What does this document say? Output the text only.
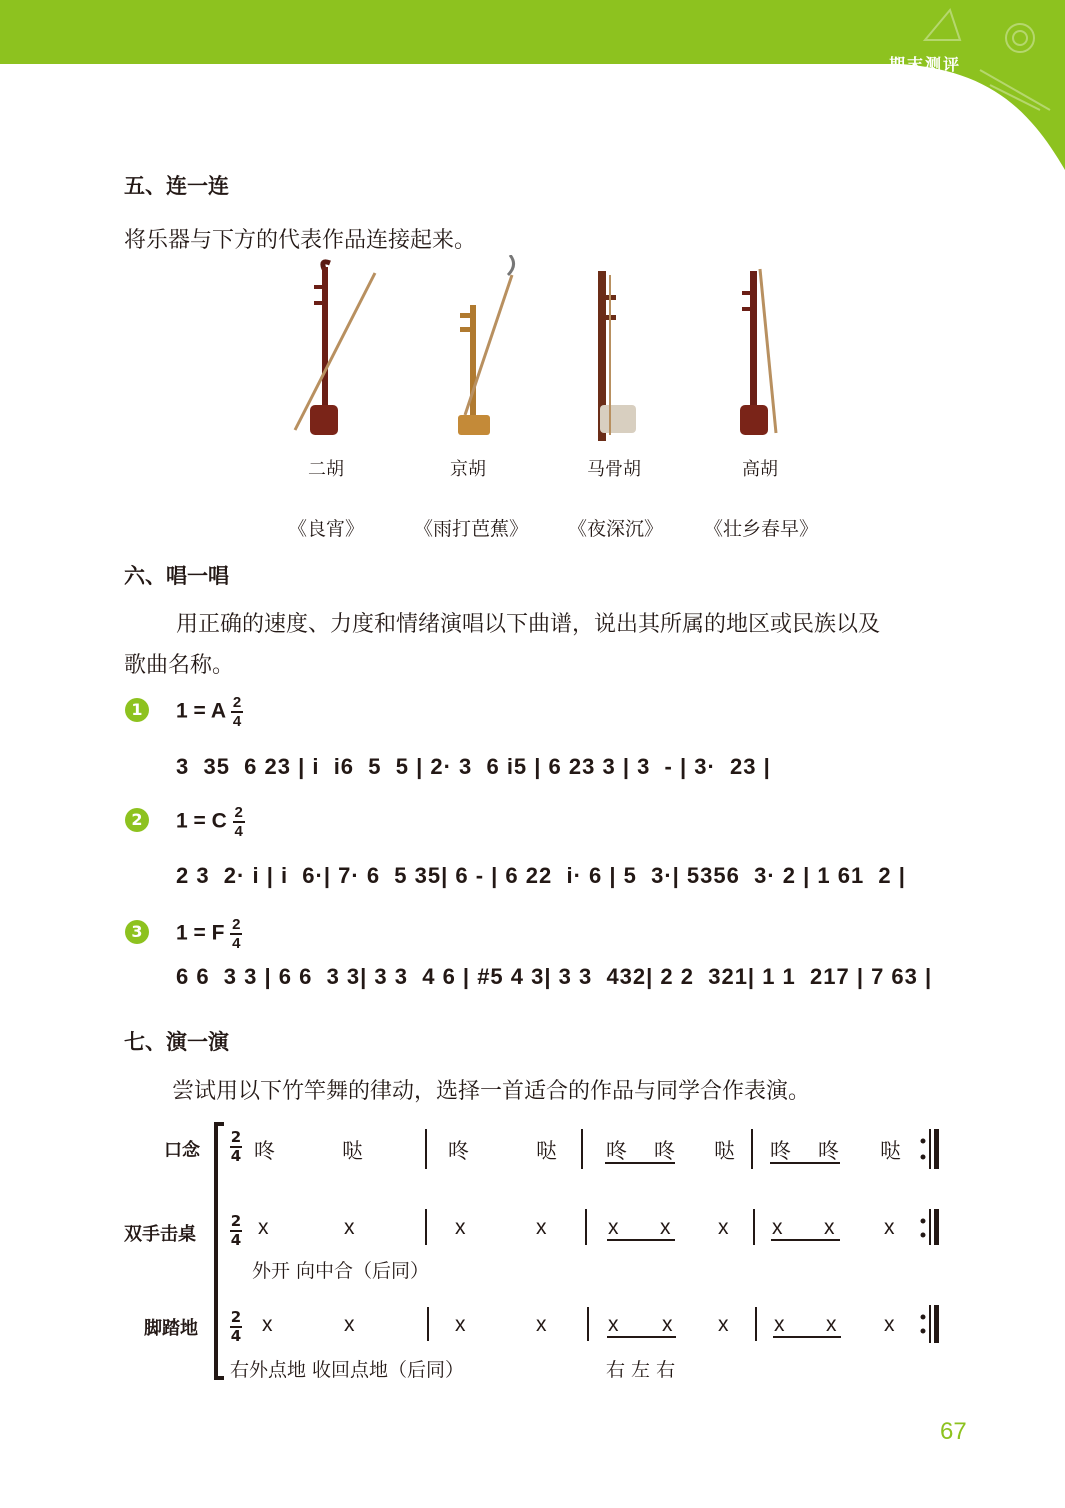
期末测评
五、连一连
将乐器与下方的代表作品连接起来。
二胡	京胡	马骨胡	高胡
《良宵》	《雨打芭蕉》 《夜深沉》 《壮乡春早》
六、唱一唱
用正确的速度、力度和情绪演唱以下曲谱，说出其所属的地区或民族以及
歌曲名称。
1	1 = A $\frac{2}{4}$
3  35  6 23 | i  i6  5  5 | 2· 3  6 i5 | 6 23 3 | 3  - | 3·  23 |
2	1 = C $\frac{2}{4}$
2 3  2· i | i  6·| 7· 6  5 35| 6 - | 6 22  i· 6 | 5  3·| 5356  3· 2 | 1 61  2 |
3	1 = F $\frac{2}{4}$
6 6  3 3 | 6 6  3 3| 3 3  4 6 | #5 4 3| 3 3  432| 2 2  321| 1 1  217 | 7 63 |
七、演一演
尝试用以下竹竿舞的律动，选择一首适合的作品与同学合作表演。
口念
双手击桌
脚踏地
2
4
2
4
2
4
咚	哒	咚	哒 咚 咚 哒 咚 咚 哒
x	x	x	x	x x x x x x
外开 向中合（后同）
x	x	x	x	x x x x x x
右外点地 收回点地（后同）	右 左 右
67
